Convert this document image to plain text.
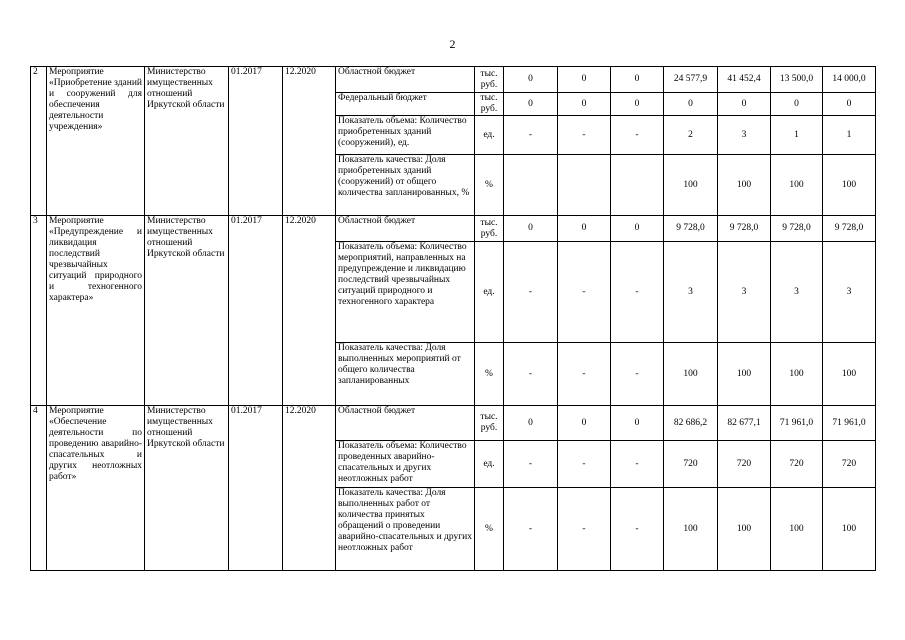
2
2	Мероприятие «Приобретение зданий и сооружений для обеспечения деятельности учреждения»	Министерство имущественных отношений Иркутской области	01.2017	12.2020	Областной бюджет	тыс. руб.	0	0	0	24 577,9	41 452,4	13 500,0	14 000,0
					Федеральный бюджет	тыс. руб.	0	0	0	0	0	0	0
					Показатель объема: Количество приобретенных зданий (сооружений), ед.	ед.	-	-	-	2	3	1	1
					Показатель качества: Доля приобретенных зданий (сооружений) от общего количества запланированных, %	%				100	100	100	100
3	Мероприятие «Предупреждение и ликвидация последствий чрезвычайных ситуаций природного и техногенного характера»	Министерство имущественных отношений Иркутской области	01.2017	12.2020	Областной бюджет	тыс. руб.	0	0	0	9 728,0	9 728,0	9 728,0	9 728,0
					Показатель объема: Количество мероприятий, направленных на предупреждение и ликвидацию последствий чрезвычайных ситуаций природного и техногенного характера	ед.	-	-	-	3	3	3	3
					Показатель качества: Доля выполненных мероприятий от общего количества запланированных	%	-	-	-	100	100	100	100
4	Мероприятие «Обеспечение деятельности по проведению аварийно-спасательных и других неотложных работ»	Министерство имущественных отношений Иркутской области	01.2017	12.2020	Областной бюджет	тыс. руб.	0	0	0	82 686,2	82 677,1	71 961,0	71 961,0
					Показатель объема: Количество проведенных аварийно-спасательных и других неотложных работ	ед.	-	-	-	720	720	720	720
					Показатель качества: Доля выполненных работ от количества принятых обращений о проведении аварийно-спасательных и других неотложных работ	%	-	-	-	100	100	100	100
